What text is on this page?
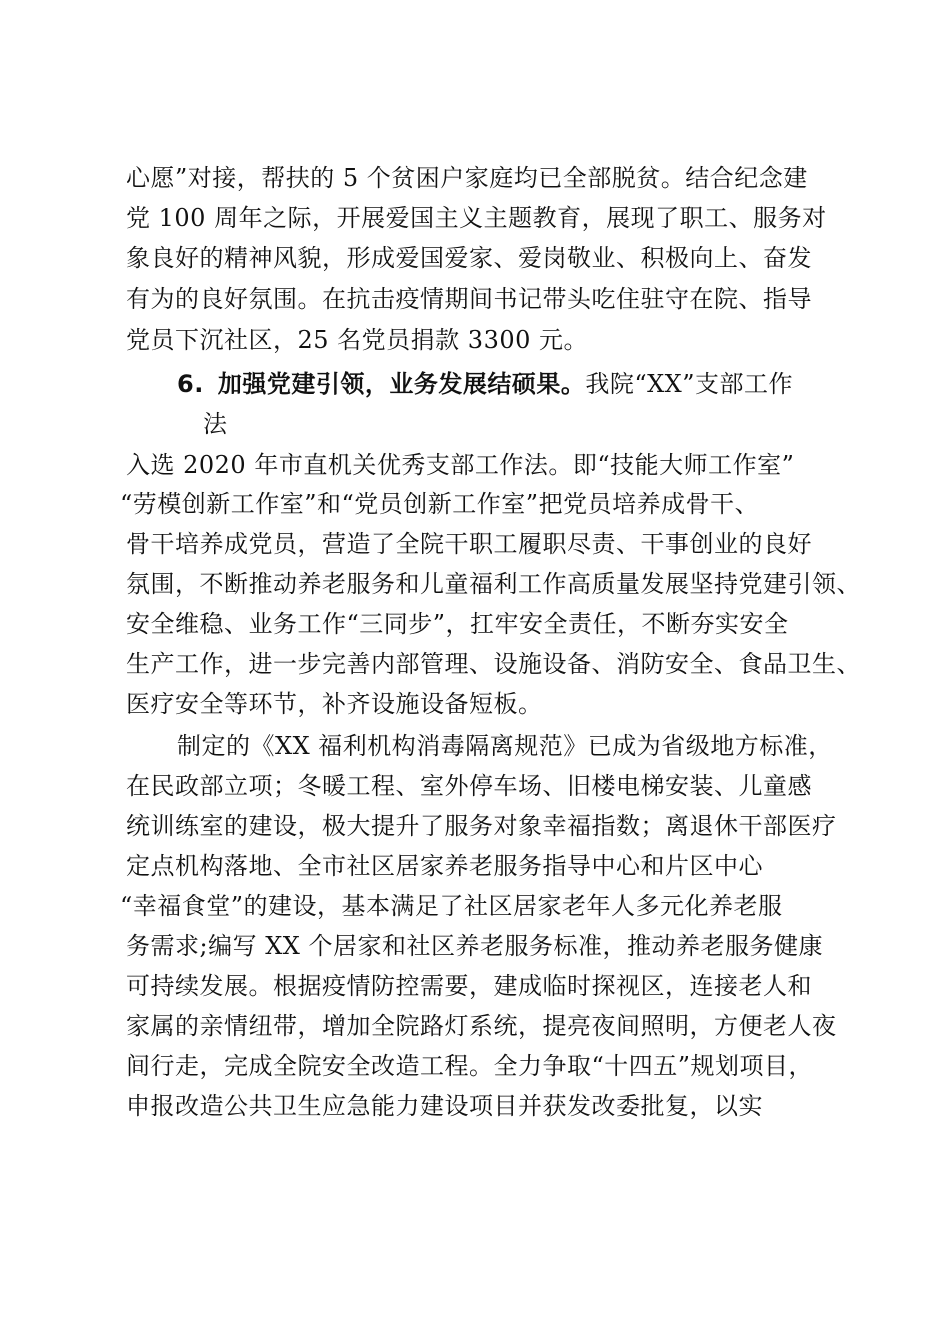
心愿”对接，帮扶的 5 个贫困户家庭均已全部脱贫。结合纪念建
党 100 周年之际，开展爱国主义主题教育，展现了职工、服务对
象良好的精神风貌，形成爱国爱家、爱岗敬业、积极向上、奋发
有为的良好氛围。在抗击疫情期间书记带头吃住驻守在院、指导
党员下沉社区，25 名党员捐款 3300 元。
6. 加强党建引领，业务发展结硕果。我院“XX”支部工作
法
入选 2020 年市直机关优秀支部工作法。即“技能大师工作室”
“劳模创新工作室”和“党员创新工作室”把党员培养成骨干、
骨干培养成党员，营造了全院干职工履职尽责、干事创业的良好
氛围，不断推动养老服务和儿童福利工作高质量发展坚持党建引领、
安全维稳、业务工作“三同步”，扛牢安全责任，不断夯实安全
生产工作，进一步完善内部管理、设施设备、消防安全、食品卫生、
医疗安全等环节，补齐设施设备短板。
制定的《XX 福利机构消毒隔离规范》已成为省级地方标准，
在民政部立项；冬暖工程、室外停车场、旧楼电梯安装、儿童感
统训练室的建设，极大提升了服务对象幸福指数；离退休干部医疗
定点机构落地、全市社区居家养老服务指导中心和片区中心
“幸福食堂”的建设，基本满足了社区居家老年人多元化养老服
务需求;编写 XX 个居家和社区养老服务标准，推动养老服务健康
可持续发展。根据疫情防控需要，建成临时探视区，连接老人和
家属的亲情纽带，增加全院路灯系统，提亮夜间照明，方便老人夜
间行走，完成全院安全改造工程。全力争取“十四五”规划项目，
申报改造公共卫生应急能力建设项目并获发改委批复，以实
